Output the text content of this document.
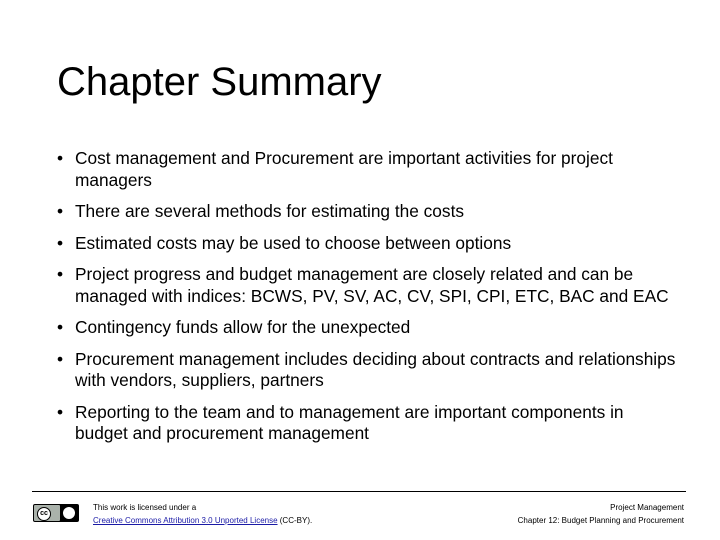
Chapter Summary
• Cost management and Procurement are important activities for project managers
• There are several methods for estimating the costs
• Estimated costs may be used to choose between options
• Project progress and budget management are closely related and can be managed with indices: BCWS, PV, SV, AC, CV, SPI, CPI, ETC, BAC and EAC
• Contingency funds allow for the unexpected
• Procurement management includes deciding about contracts and relationships with vendors, suppliers, partners
• Reporting to the team and to management are important components in budget and procurement management
cc
This work is licensed under a
Creative Commons Attribution 3.0 Unported License (CC-BY).
Project Management
Chapter 12: Budget Planning and Procurement
